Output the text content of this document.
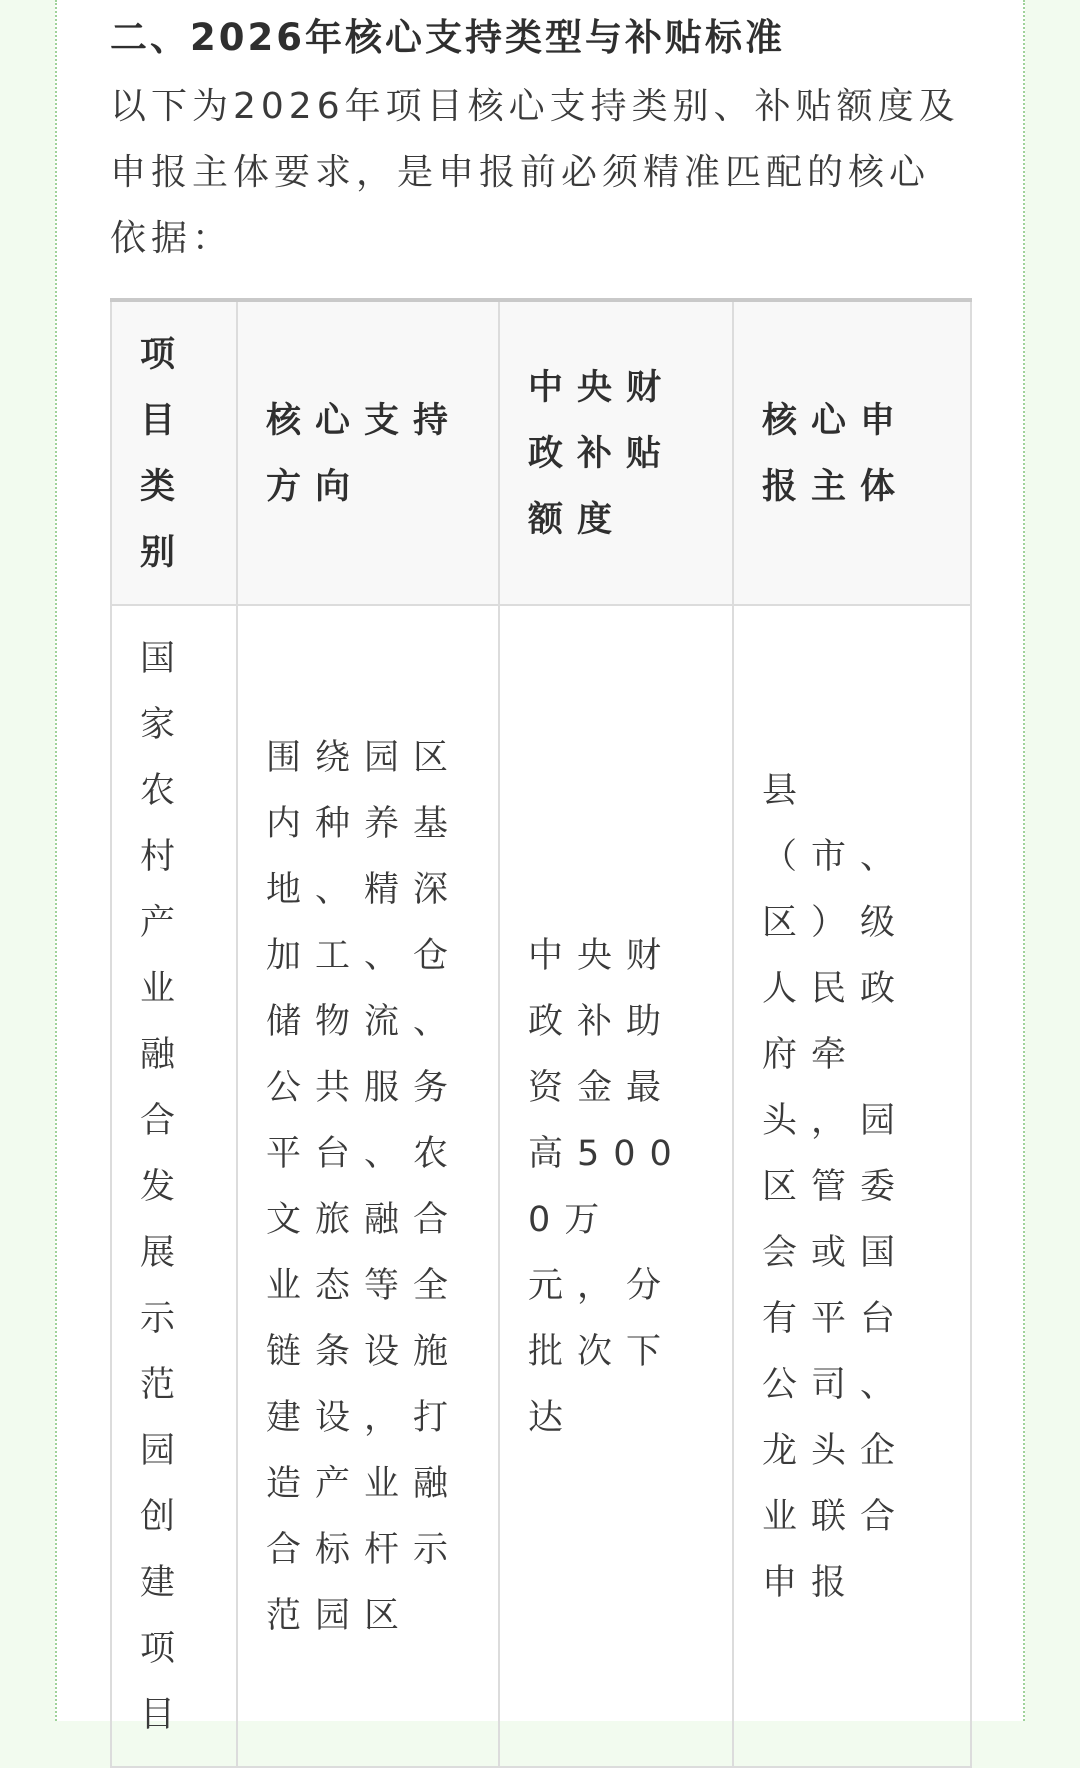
二、2026年核心支持类型与补贴标准

以下为2026年项目核心支持类别、补贴额度及申报主体要求，是申报前必须精准匹配的核心依据：

项目类别	核心支持方向	中央财政补贴额度	核心申报主体
国家农村产业融合发展示范园创建项目	围绕园区内种养基地、精深加工、仓储物流、公共服务平台、农文旅融合业态等全链条设施建设，打造产业融合标杆示范园区	中央财政补助资金最高5000万元，分批次下达	县（市、区）级人民政府牵头，园区管委会或国有平台公司、龙头企业联合申报
